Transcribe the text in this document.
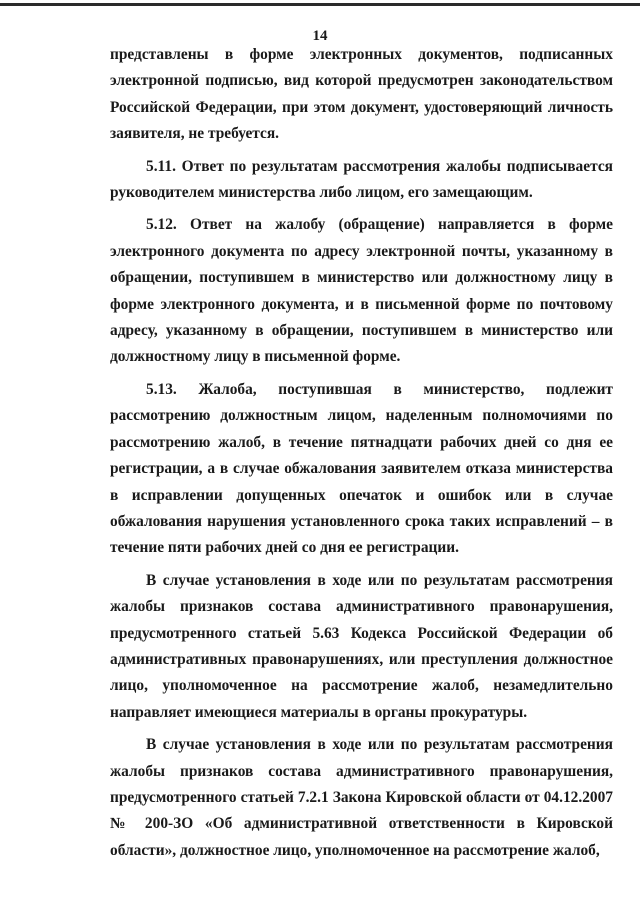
14

представлены в форме электронных документов, подписанных электронной подписью, вид которой предусмотрен законодательством Российской Федерации, при этом документ, удостоверяющий личность заявителя, не требуется.

5.11. Ответ по результатам рассмотрения жалобы подписывается руководителем министерства либо лицом, его замещающим.

5.12. Ответ на жалобу (обращение) направляется в форме электронного документа по адресу электронной почты, указанному в обращении, поступившем в министерство или должностному лицу в форме электронного документа, и в письменной форме по почтовому адресу, указанному в обращении, поступившем в министерство или должностному лицу в письменной форме.

5.13. Жалоба, поступившая в министерство, подлежит рассмотрению должностным лицом, наделенным полномочиями по рассмотрению жалоб, в течение пятнадцати рабочих дней со дня ее регистрации, а в случае обжалования заявителем отказа министерства в исправлении допущенных опечаток и ошибок или в случае обжалования нарушения установленного срока таких исправлений – в течение пяти рабочих дней со дня ее регистрации.

В случае установления в ходе или по результатам рассмотрения жалобы признаков состава административного правонарушения, предусмотренного статьей 5.63 Кодекса Российской Федерации об административных правонарушениях, или преступления должностное лицо, уполномоченное на рассмотрение жалоб, незамедлительно направляет имеющиеся материалы в органы прокуратуры.

В случае установления в ходе или по результатам рассмотрения жалобы признаков состава административного правонарушения, предусмотренного статьей 7.2.1 Закона Кировской области от 04.12.2007 № 200-ЗО «Об административной ответственности в Кировской области», должностное лицо, уполномоченное на рассмотрение жалоб,
